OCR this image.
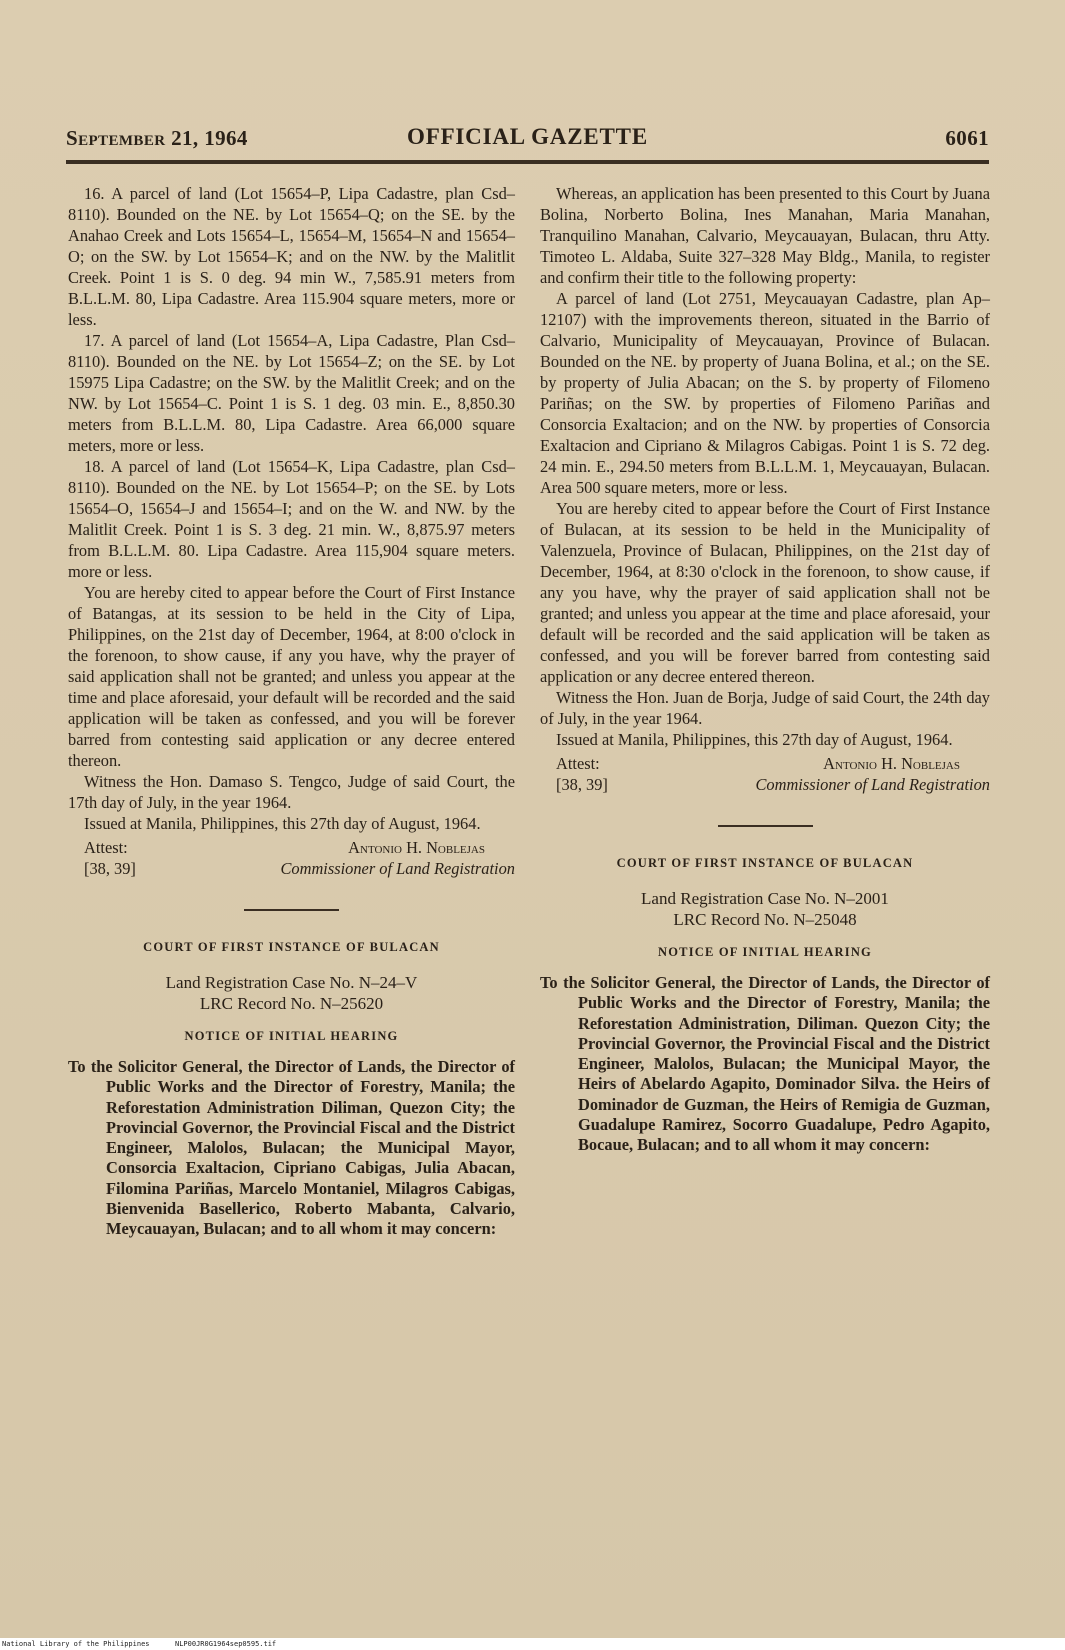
September 21, 1964	OFFICIAL GAZETTE	6061

16. A parcel of land (Lot 15654–P, Lipa Cadastre, plan Csd–8110). Bounded on the NE. by Lot 15654–Q; on the SE. by the Anahao Creek and Lots 15654–L, 15654–M, 15654–N and 15654–O; on the SW. by Lot 15654–K; and on the NW. by the Malitlit Creek. Point 1 is S. 0 deg. 94 min W., 7,585.91 meters from B.L.L.M. 80, Lipa Cadastre. Area 115.904 square meters, more or less.

17. A parcel of land (Lot 15654–A, Lipa Cadastre, Plan Csd–8110). Bounded on the NE. by Lot 15654–Z; on the SE. by Lot 15975 Lipa Cadastre; on the SW. by the Malitlit Creek; and on the NW. by Lot 15654–C. Point 1 is S. 1 deg. 03 min. E., 8,850.30 meters from B.L.L.M. 80, Lipa Cadastre. Area 66,000 square meters, more or less.

18. A parcel of land (Lot 15654–K, Lipa Cadastre, plan Csd–8110). Bounded on the NE. by Lot 15654–P; on the SE. by Lots 15654–O, 15654–J and 15654–I; and on the W. and NW. by the Malitlit Creek. Point 1 is S. 3 deg. 21 min. W., 8,875.97 meters from B.L.L.M. 80. Lipa Cadastre. Area 115,904 square meters. more or less.

You are hereby cited to appear before the Court of First Instance of Batangas, at its session to be held in the City of Lipa, Philippines, on the 21st day of December, 1964, at 8:00 o'clock in the forenoon, to show cause, if any you have, why the prayer of said application shall not be granted; and unless you appear at the time and place aforesaid, your default will be recorded and the said application will be taken as confessed, and you will be forever barred from contesting said application or any decree entered thereon.

Witness the Hon. Damaso S. Tengco, Judge of said Court, the 17th day of July, in the year 1964.

Issued at Manila, Philippines, this 27th day of August, 1964.

Attest:
[38, 39]
Antonio H. Noblejas
Commissioner of Land Registration
COURT OF FIRST INSTANCE OF BULACAN
Land Registration Case No. N–24–V
LRC Record No. N–25620
NOTICE OF INITIAL HEARING
To the Solicitor General, the Director of Lands, the Director of Public Works and the Director of Forestry, Manila; the Reforestation Administration Diliman, Quezon City; the Provincial Governor, the Provincial Fiscal and the District Engineer, Malolos, Bulacan; the Municipal Mayor, Consorcia Exaltacion, Cipriano Cabigas, Julia Abacan, Filomina Pariñas, Marcelo Montaniel, Milagros Cabigas, Bienvenida Basellerico, Roberto Mabanta, Calvario, Meycauayan, Bulacan; and to all whom it may concern:

Whereas, an application has been presented to this Court by Juana Bolina, Norberto Bolina, Ines Manahan, Maria Manahan, Tranquilino Manahan, Calvario, Meycauayan, Bulacan, thru Atty. Timoteo L. Aldaba, Suite 327–328 May Bldg., Manila, to register and confirm their title to the following property:

A parcel of land (Lot 2751, Meycauayan Cadastre, plan Ap–12107) with the improvements thereon, situated in the Barrio of Calvario, Municipality of Meycauayan, Province of Bulacan. Bounded on the NE. by property of Juana Bolina, et al.; on the SE. by property of Julia Abacan; on the S. by property of Filomeno Pariñas; on the SW. by properties of Filomeno Pariñas and Consorcia Exaltacion; and on the NW. by properties of Consorcia Exaltacion and Cipriano & Milagros Cabigas. Point 1 is S. 72 deg. 24 min. E., 294.50 meters from B.L.L.M. 1, Meycauayan, Bulacan. Area 500 square meters, more or less.

You are hereby cited to appear before the Court of First Instance of Bulacan, at its session to be held in the Municipality of Valenzuela, Province of Bulacan, Philippines, on the 21st day of December, 1964, at 8:30 o'clock in the forenoon, to show cause, if any you have, why the prayer of said application shall not be granted; and unless you appear at the time and place aforesaid, your default will be recorded and the said application will be taken as confessed, and you will be forever barred from contesting said application or any decree entered thereon.

Witness the Hon. Juan de Borja, Judge of said Court, the 24th day of July, in the year 1964.

Issued at Manila, Philippines, this 27th day of August, 1964.

Attest:
[38, 39]
Antonio H. Noblejas
Commissioner of Land Registration
COURT OF FIRST INSTANCE OF BULACAN
Land Registration Case No. N–2001
LRC Record No. N–25048
NOTICE OF INITIAL HEARING
To the Solicitor General, the Director of Lands, the Director of Public Works and the Director of Forestry, Manila; the Reforestation Administration, Diliman. Quezon City; the Provincial Governor, the Provincial Fiscal and the District Engineer, Malolos, Bulacan; the Municipal Mayor, the Heirs of Abelardo Agapito, Dominador Silva. the Heirs of Dominador de Guzman, the Heirs of Remigia de Guzman, Guadalupe Ramirez, Socorro Guadalupe, Pedro Agapito, Bocaue, Bulacan; and to all whom it may concern:
National Library of the Philippines	NLP00JR0G1964sep0595.tif
